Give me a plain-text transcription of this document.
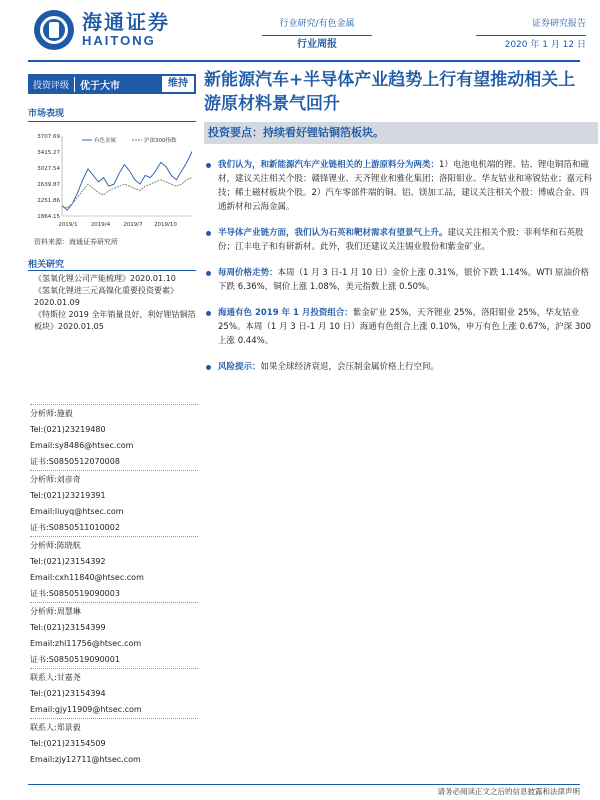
海通证券
HAITONG
行业研究/有色金属
行业周报
证券研究报告
2020 年 1 月 12 日
投资评级	优于大市	维持
市场表现
3707.69
3415.27
3027.54
2639.87
2251.86
1864.15
2019/1 2019/4 2019/7 2019/10
有色金属	沪深300指数
资料来源：海通证券研究所
相关研究
《氢氧化锂公司产能梳理》2020.01.10
《氢氧化锂进三元高镍化重要投资要素》2020.01.09
《特斯拉 2019 全年销量良好，利好锂钴铜箔板块》2020.01.05
分析师:施毅
Tel:(021)23219480
Email:sy8486@htsec.com
证书:S0850512070008
分析师:刘彦奇
Tel:(021)23219391
Email:liuyq@htsec.com
证书:S0850511010002
分析师:陈晓航
Tel:(021)23154392
Email:cxh11840@htsec.com
证书:S0850519090003
分析师:周慧琳
Tel:(021)23154399
Email:zhl11756@htsec.com
证书:S0850519090001
联系人:甘嘉尧
Tel:(021)23154394
Email:gjy11909@htsec.com
联系人:郑景毅
Tel:(021)23154509
Email:zjy12711@htsec.com
新能源汽车+半导体产业趋势上行有望推动相关上游原材料景气回升
投资要点：持续看好锂钴铜箔板块。
我们认为，和新能源汽车产业链相关的上游原料分为两类：1）电池电机端的锂、钴、锂电铜箔和磁材，建议关注相关个股：赣锋锂业、天齐锂业和雅化集团；洛阳钼业、华友钴业和寒锐钴业；嘉元科技；稀土磁材板块个股。2）汽车零部件端的铜、铝、镁加工品，建议关注相关个股：博威合金、四通新材和云海金属。
半导体产业链方面，我们认为石英和靶材需求有望景气上升。建议关注相关个股：菲利华和石英股份；江丰电子和有研新材。此外，我们还建议关注锡业股份和紫金矿业。
每周价格走势：本周（1 月 3 日-1 月 10 日）金价上涨 0.31%，银价下跌 1.14%。WTI 原油价格下跌 6.36%，铜价上涨 1.08%，美元指数上涨 0.50%。
海通有色 2019 年 1 月投资组合：紫金矿业 25%，天齐锂业 25%，洛阳钼业 25%，华友钴业 25%。本周（1 月 3 日-1 月 10 日）海通有色组合上涨 0.10%，申万有色上涨 0.67%，沪深 300 上涨 0.44%。
风险提示：如果全球经济衰退，会压制金属价格上行空间。
请务必阅读正文之后的信息披露和法律声明
